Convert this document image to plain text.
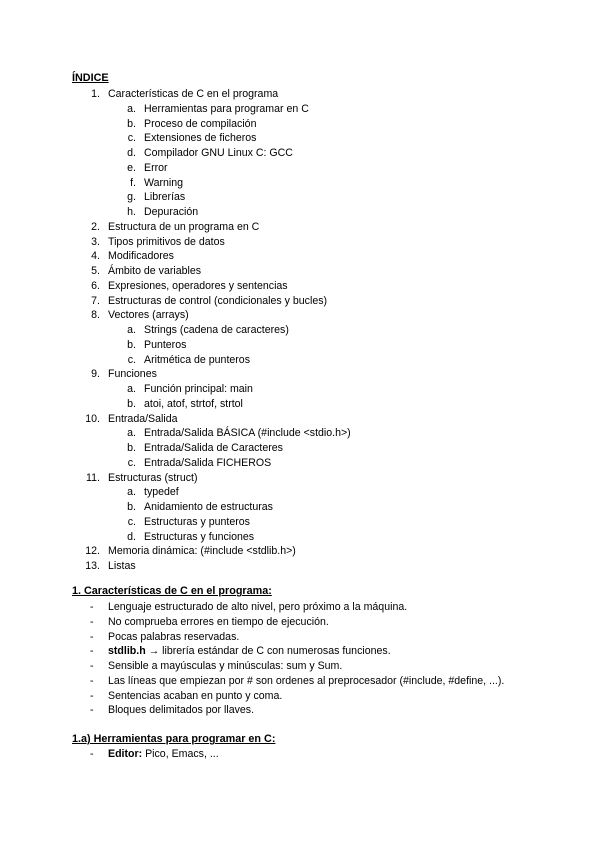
ÍNDICE
1. Características de C en el programa
a. Herramientas para programar en C
b. Proceso de compilación
c. Extensiones de ficheros
d. Compilador GNU Linux C: GCC
e. Error
f. Warning
g. Librerías
h. Depuración
2. Estructura de un programa en C
3. Tipos primitivos de datos
4. Modificadores
5. Ámbito de variables
6. Expresiones, operadores y sentencias
7. Estructuras de control (condicionales y bucles)
8. Vectores (arrays)
a. Strings (cadena de caracteres)
b. Punteros
c. Aritmética de punteros
9. Funciones
a. Función principal: main
b. atoi, atof, strtof, strtol
10. Entrada/Salida
a. Entrada/Salida BÁSICA (#include <stdio.h>)
b. Entrada/Salida de Caracteres
c. Entrada/Salida FICHEROS
11. Estructuras (struct)
a. typedef
b. Anidamiento de estructuras
c. Estructuras y punteros
d. Estructuras y funciones
12. Memoria dinámica: (#include <stdlib.h>)
13. Listas
1. Características de C en el programa:
- Lenguaje estructurado de alto nivel, pero próximo a la máquina.
- No comprueba errores en tiempo de ejecución.
- Pocas palabras reservadas.
- stdlib.h → librería estándar de C con numerosas funciones.
- Sensible a mayúsculas y minúsculas: sum y Sum.
- Las líneas que empiezan por # son ordenes al preprocesador (#include, #define, ...).
- Sentencias acaban en punto y coma.
- Bloques delimitados por llaves.
1.a) Herramientas para programar en C:
- Editor: Pico, Emacs, ...
